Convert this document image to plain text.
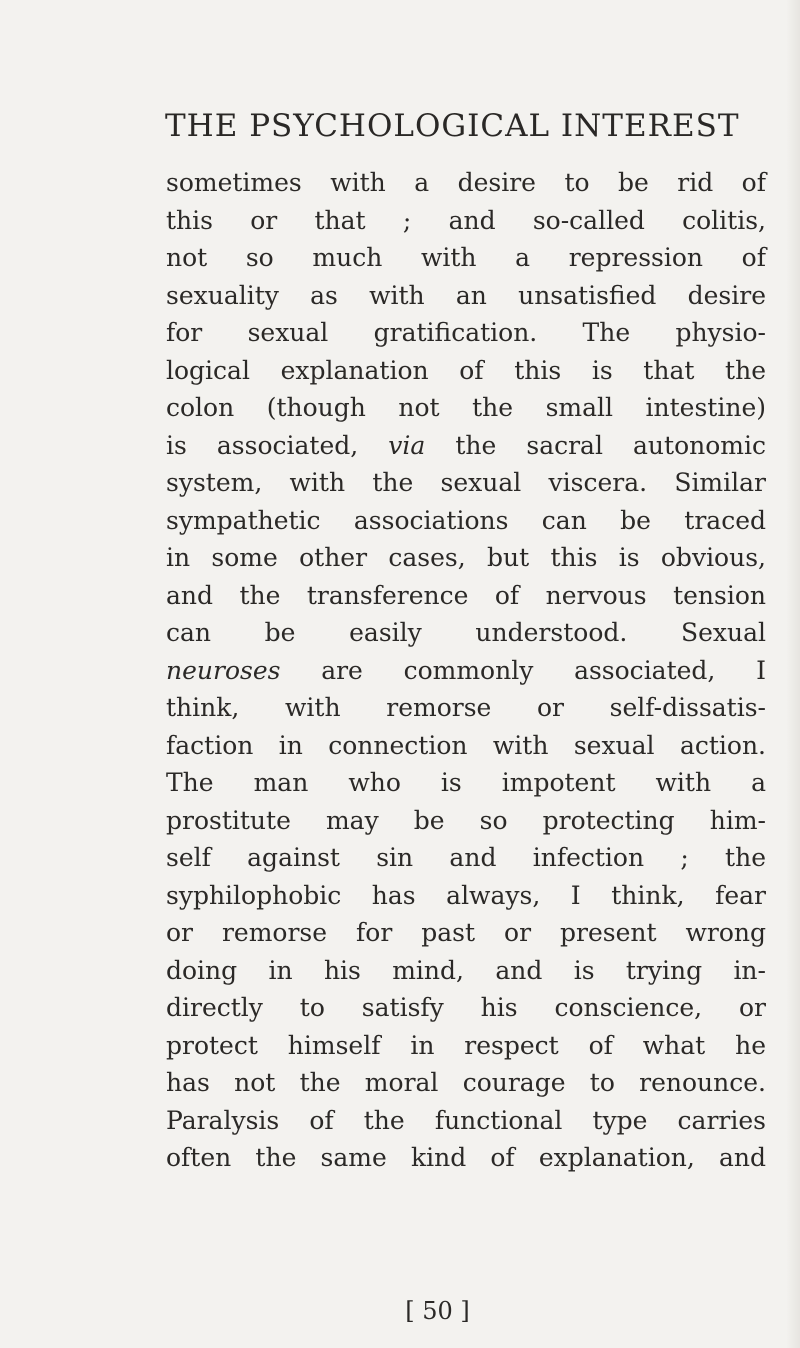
THE PSYCHOLOGICAL INTEREST
sometimes with a desire to be rid of
this or that ; and so-called colitis,
not so much with a repression of
sexuality as with an unsatisfied desire
for sexual gratification. The physio-
logical explanation of this is that the
colon (though not the small intestine)
is associated, via the sacral autonomic
system, with the sexual viscera. Similar
sympathetic associations can be traced
in some other cases, but this is obvious,
and the transference of nervous tension
can be easily understood. Sexual
neuroses are commonly associated, I
think, with remorse or self-dissatis-
faction in connection with sexual action.
The man who is impotent with a
prostitute may be so protecting him-
self against sin and infection ; the
syphilophobic has always, I think, fear
or remorse for past or present wrong
doing in his mind, and is trying in-
directly to satisfy his conscience, or
protect himself in respect of what he
has not the moral courage to renounce.
Paralysis of the functional type carries
often the same kind of explanation, and
[ 50 ]
